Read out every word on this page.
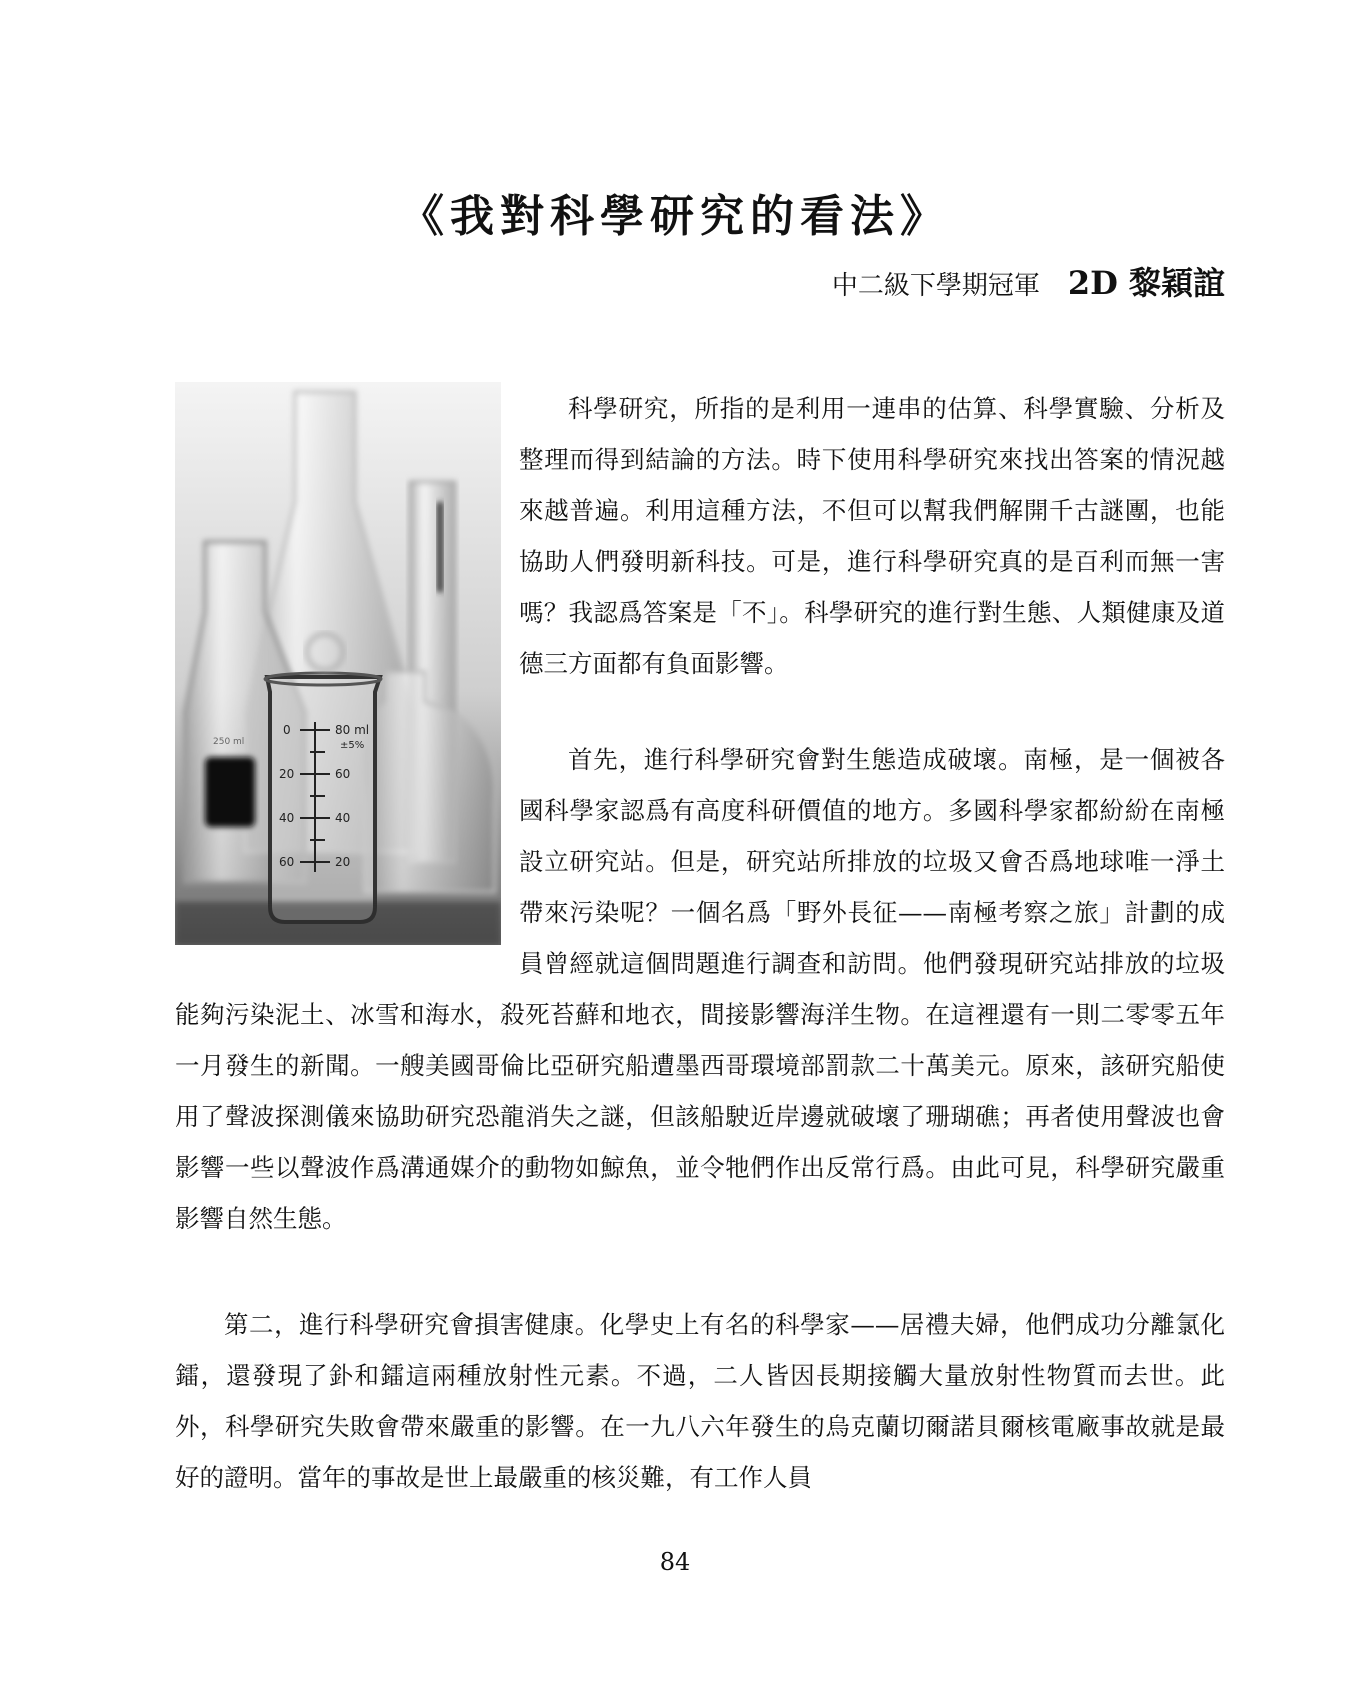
《我對科學研究的看法》
中二級下學期冠軍 2D 黎穎誼
250 ml
0
20
40
60
80 ml
±5%
60
40
20

科學研究，所指的是利用一連串的估算、科學實驗、分析及整理而得到結論的方法。時下使用科學研究來找出答案的情況越來越普遍。利用這種方法，不但可以幫我們解開千古謎團，也能協助人們發明新科技。可是，進行科學研究真的是百利而無一害嗎？我認爲答案是「不」。科學研究的進行對生態、人類健康及道德三方面都有負面影響。

首先，進行科學研究會對生態造成破壞。南極，是一個被各國科學家認爲有高度科研價值的地方。多國科學家都紛紛在南極設立研究站。但是，研究站所排放的垃圾又會否爲地球唯一淨土帶來污染呢？一個名爲「野外長征——南極考察之旅」計劃的成員曾經就這個問題進行調查和訪問。他們發現研究站排放的垃圾能夠污染泥土、冰雪和海水，殺死苔蘚和地衣，間接影響海洋生物。在這裡還有一則二零零五年一月發生的新聞。一艘美國哥倫比亞研究船遭墨西哥環境部罰款二十萬美元。原來，該研究船使用了聲波探測儀來協助研究恐龍消失之謎，但該船駛近岸邊就破壞了珊瑚礁；再者使用聲波也會影響一些以聲波作爲溝通媒介的動物如鯨魚，並令牠們作出反常行爲。由此可見，科學研究嚴重影響自然生態。

第二，進行科學研究會損害健康。化學史上有名的科學家——居禮夫婦，他們成功分離氯化鐳，還發現了釙和鐳這兩種放射性元素。不過，二人皆因長期接觸大量放射性物質而去世。此外，科學研究失敗會帶來嚴重的影響。在一九八六年發生的烏克蘭切爾諾貝爾核電廠事故就是最好的證明。當年的事故是世上最嚴重的核災難，有工作人員

84
